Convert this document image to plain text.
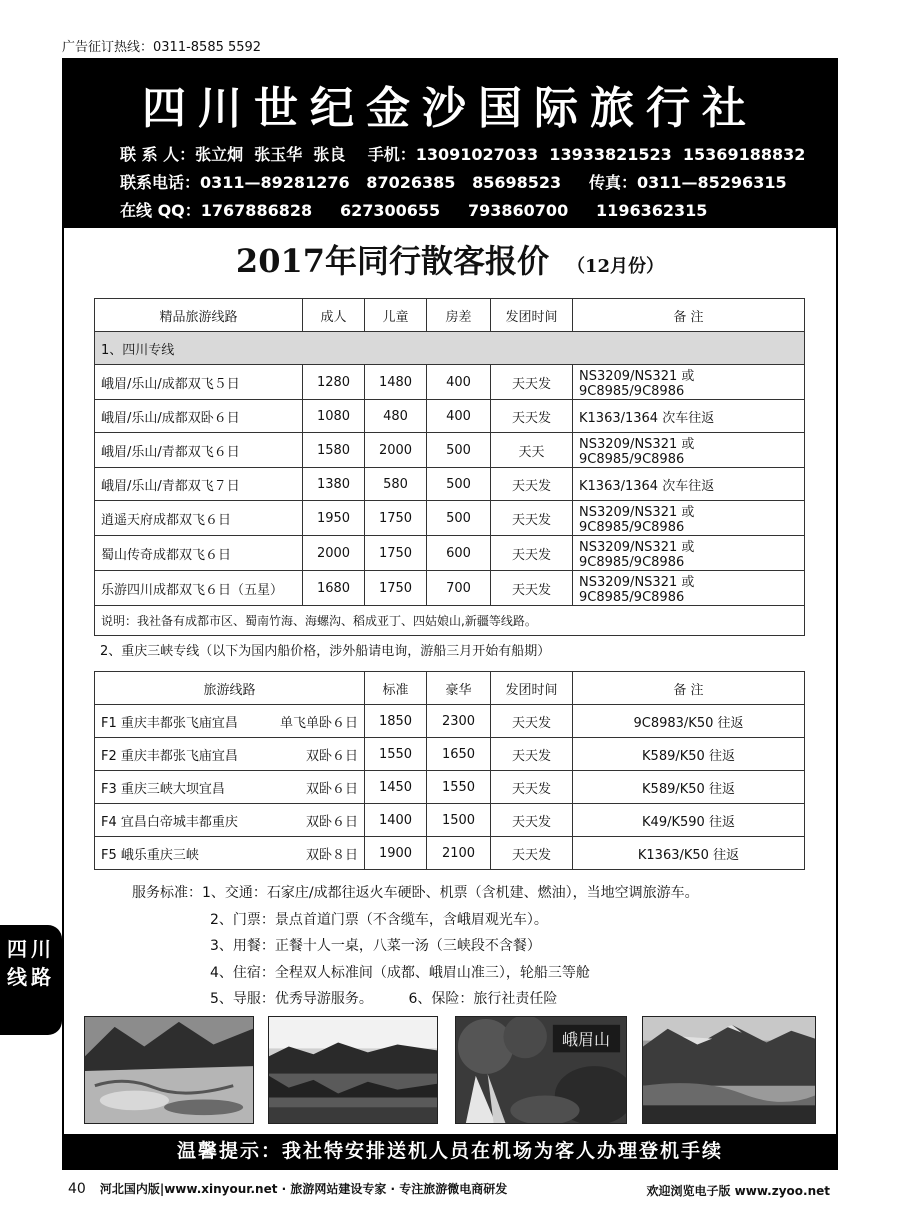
广告征订热线：0311-8585 5592
四川世纪金沙国际旅行社
联 系 人：张立炯  张玉华  张良    手机：13091027033  13933821523  15369188832
联系电话：0311—89281276   87026385   85698523     传真：0311—85296315
在线 QQ：1767886828     627300655     793860700     1196362315
2017年同行散客报价 （12月份）
精品旅游线路	成人	儿童	房差	发团时间	备 注
1、四川专线					
峨眉/乐山/成都双飞５日	1280	1480	400	天天发	NS3209/NS321 或 9C8985/9C8986
峨眉/乐山/成都双卧６日	1080	480	400	天天发	K1363/1364 次车往返
峨眉/乐山/青都双飞６日	1580	2000	500	天天	NS3209/NS321 或 9C8985/9C8986
峨眉/乐山/青都双飞７日	1380	580	500	天天发	K1363/1364 次车往返
逍遥天府成都双飞６日	1950	1750	500	天天发	NS3209/NS321 或 9C8985/9C8986
蜀山传奇成都双飞６日	2000	1750	600	天天发	NS3209/NS321 或 9C8985/9C8986
乐游四川成都双飞６日（五星）	1680	1750	700	天天发	NS3209/NS321 或 9C8985/9C8986
说明：我社备有成都市区、蜀南竹海、海螺沟、稻成亚丁、四姑娘山,新疆等线路。					
2、重庆三峡专线（以下为国内船价格，涉外船请电询，游船三月开始有船期）
旅游线路	标准	豪华	发团时间	备 注
F1 重庆丰都张飞庙宜昌 单飞单卧６日	1850	2300	天天发	9C8983/K50 往返
F2 重庆丰都张飞庙宜昌 双卧６日	1550	1650	天天发	K589/K50 往返
F3 重庆三峡大坝宜昌 双卧６日	1450	1550	天天发	K589/K50 往返
F4 宜昌白帝城丰都重庆 双卧６日	1400	1500	天天发	K49/K590 往返
F5 峨乐重庆三峡 双卧８日	1900	2100	天天发	K1363/K50 往返
服务标准：1、交通：石家庄/成都往返火车硬卧、机票（含机建、燃油），当地空调旅游车。
2、门票：景点首道门票（不含缆车，含峨眉观光车）。
3、用餐：正餐十人一桌，八菜一汤（三峡段不含餐）
4、住宿：全程双人标准间（成都、峨眉山准三），轮船三等舱
5、导服：优秀导游服务。        6、保险：旅行社责任险
四川
线路
峨眉山
温馨提示：我社特安排送机人员在机场为客人办理登机手续
40 河北国内版|www.xinyour.net · 旅游网站建设专家 · 专注旅游微电商研发	欢迎浏览电子版 www.zyoo.net
